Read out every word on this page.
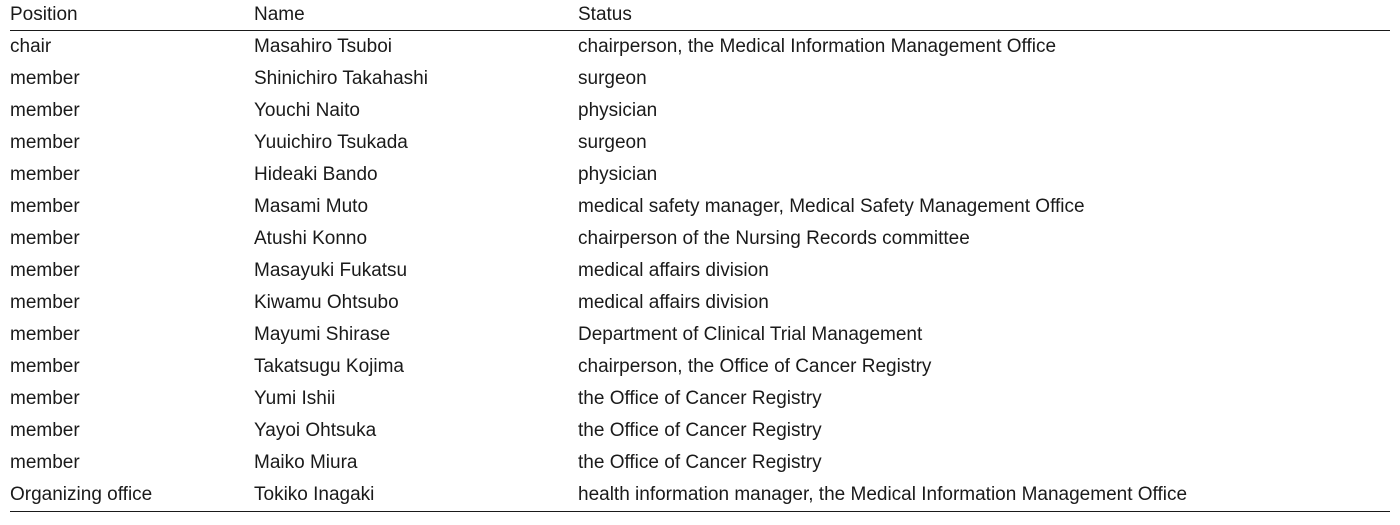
Position	Name	Status
chair	Masahiro Tsuboi	chairperson, the Medical Information Management Office
member	Shinichiro Takahashi	surgeon
member	Youchi Naito	physician
member	Yuuichiro Tsukada	surgeon
member	Hideaki Bando	physician
member	Masami Muto	medical safety manager, Medical Safety Management Office
member	Atushi Konno	chairperson of the Nursing Records committee
member	Masayuki Fukatsu	medical affairs division
member	Kiwamu Ohtsubo	medical affairs division
member	Mayumi Shirase	Department of Clinical Trial Management
member	Takatsugu Kojima	chairperson, the Office of Cancer Registry
member	Yumi Ishii	the Office of Cancer Registry
member	Yayoi Ohtsuka	the Office of Cancer Registry
member	Maiko Miura	the Office of Cancer Registry
Organizing office	Tokiko Inagaki	health information manager, the Medical Information Management Office
